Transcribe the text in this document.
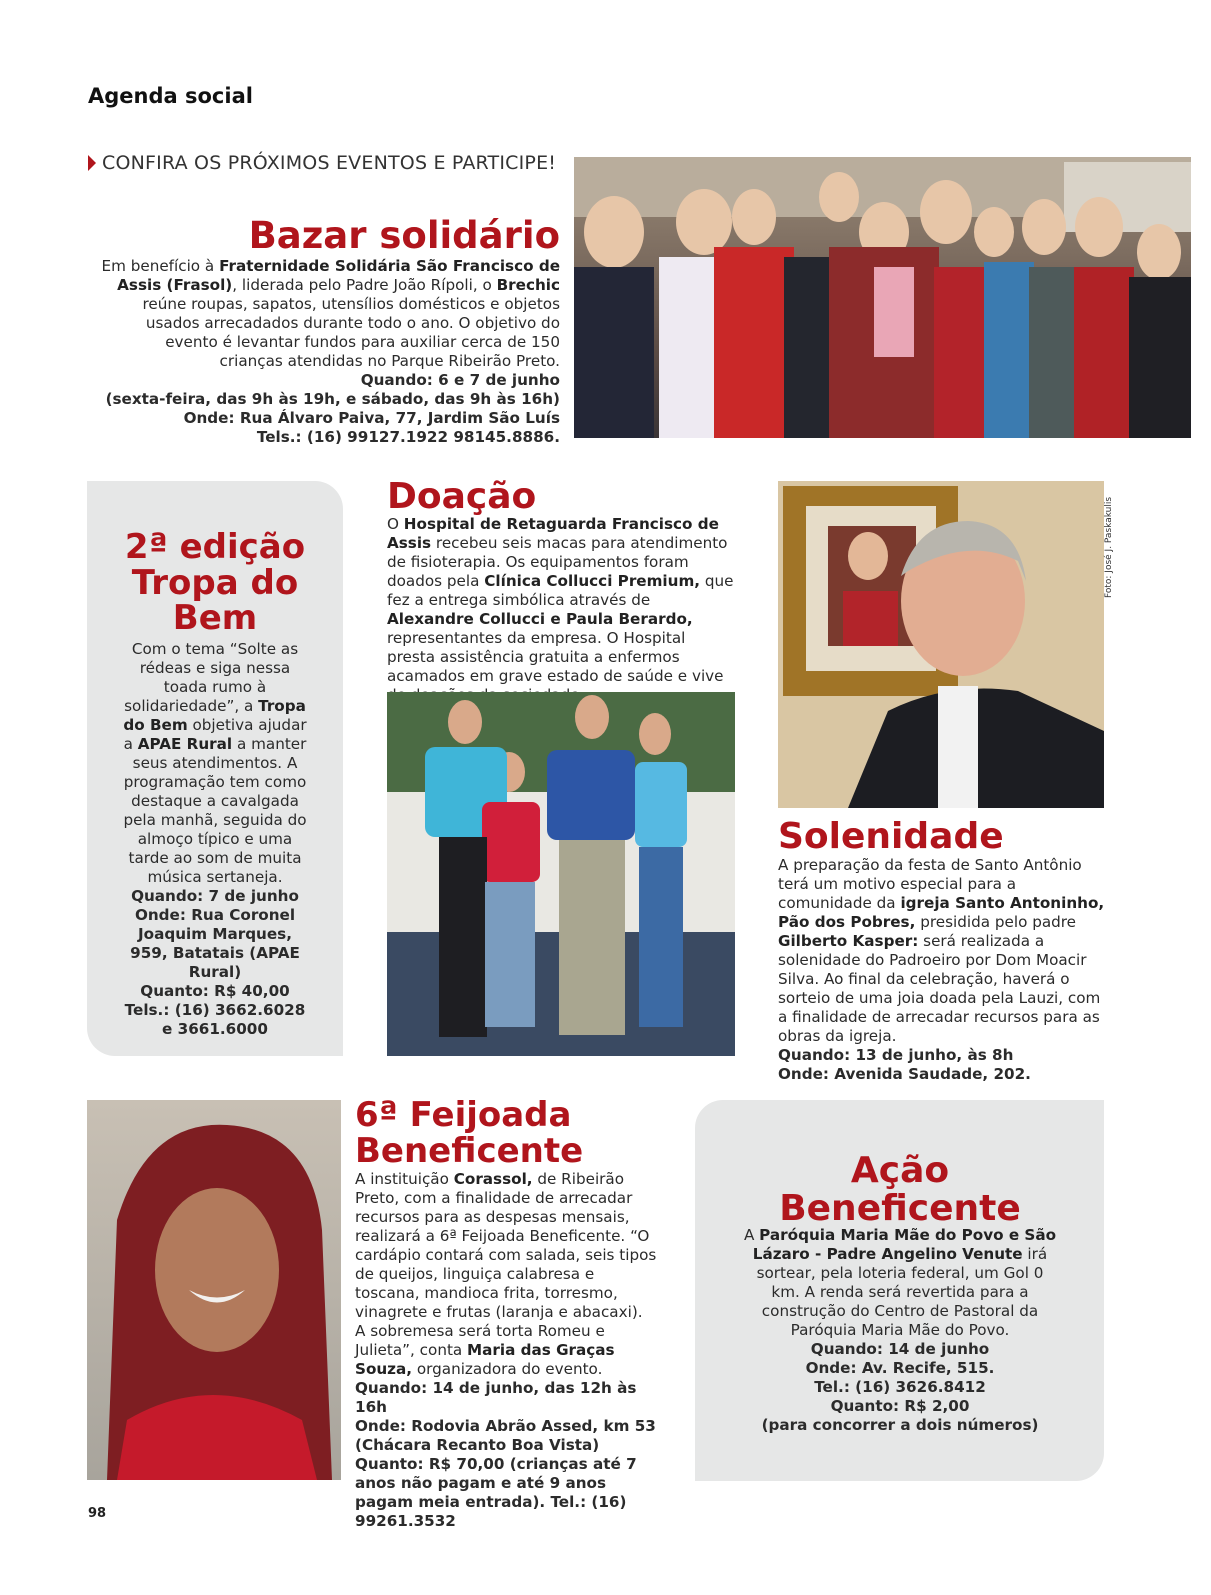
Agenda social
CONFIRA OS PRÓXIMOS EVENTOS E PARTICIPE!
Bazar solidário
Em benefício à Fraternidade Solidária São Francisco de Assis (Frasol), liderada pelo Padre João Rípoli, o Brechic reúne roupas, sapatos, utensílios domésticos e objetos usados arrecadados durante todo o ano. O objetivo do evento é levantar fundos para auxiliar cerca de 150 crianças atendidas no Parque Ribeirão Preto.
Quando: 6 e 7 de junho
(sexta-feira, das 9h às 19h, e sábado, das 9h às 16h)
Onde: Rua Álvaro Paiva, 77, Jardim São Luís
Tels.: (16) 99127.1922 98145.8886.
2ª edição Tropa do Bem
Com o tema “Solte as rédeas e siga nessa toada rumo à solidariedade”, a Tropa do Bem objetiva ajudar a APAE Rural a manter seus atendimentos. A programação tem como destaque a cavalgada pela manhã, seguida do almoço típico e uma tarde ao som de muita música sertaneja.
Quando: 7 de junho
Onde: Rua Coronel Joaquim Marques, 959, Batatais (APAE Rural)
Quanto: R$ 40,00
Tels.: (16) 3662.6028 e 3661.6000
Doação
O Hospital de Retaguarda Francisco de Assis recebeu seis macas para atendimento de fisioterapia. Os equipamentos foram doados pela Clínica Collucci Premium, que fez a entrega simbólica através de Alexandre Collucci e Paula Berardo, representantes da empresa. O Hospital presta assistência gratuita a enfermos acamados em grave estado de saúde e vive
Foto: José J. Paskakulis
Solenidade
A preparação da festa de Santo Antônio terá um motivo especial para a comunidade da igreja Santo Antoninho, Pão dos Pobres, presidida pelo padre Gilberto Kasper: será realizada a solenidade do Padroeiro por Dom Moacir Silva. Ao final da celebração, haverá o sorteio de uma joia doada pela Lauzi, com a finalidade de arrecadar recursos para as obras da igreja.
Quando: 13 de junho, às 8h
Onde: Avenida Saudade, 202.
6ª Feijoada
Beneficente
A instituição Corassol, de Ribeirão Preto, com a finalidade de arrecadar recursos para as despesas mensais, realizará a 6ª Feijoada Beneficente. “O cardápio contará com salada, seis tipos de queijos, linguiça calabresa e toscana, mandioca frita, torresmo, vinagrete e frutas (laranja e abacaxi). A sobremesa será torta Romeu e Julieta”, conta Maria das Graças Souza, organizadora do evento.
Quando: 14 de junho, das 12h às 16h
Onde: Rodovia Abrão Assed, km 53 (Chácara Recanto Boa Vista)
Quanto: R$ 70,00 (crianças até 7 anos não pagam e até 9 anos pagam meia entrada). Tel.: (16) 99261.3532
Ação
Beneficente
A Paróquia Maria Mãe do Povo e São Lázaro - Padre Angelino Venute irá sortear, pela loteria federal, um Gol 0 km. A renda será revertida para a construção do Centro de Pastoral da Paróquia Maria Mãe do Povo.
Quando: 14 de junho
Onde: Av. Recife, 515.
Tel.: (16) 3626.8412
Quanto: R$ 2,00
(para concorrer a dois números)
98
